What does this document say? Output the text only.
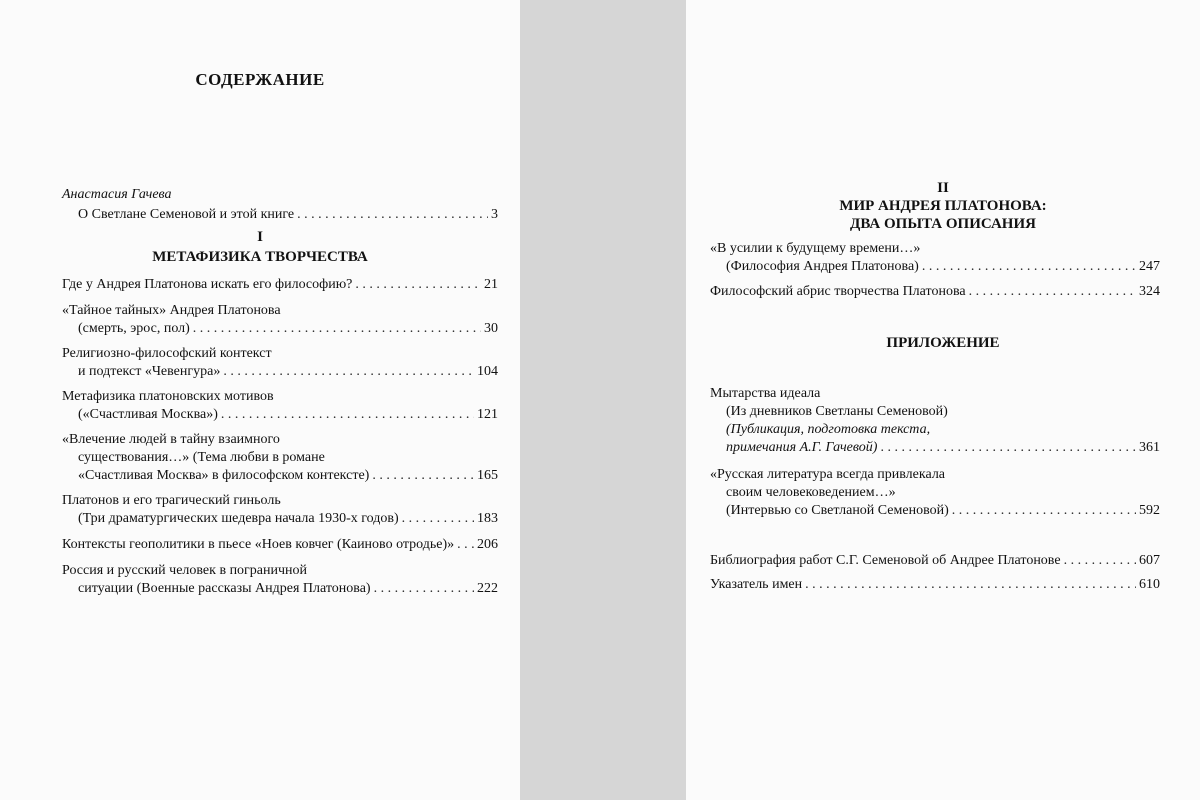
СОДЕРЖАНИЕ
Анастасия Гачева
О Светлане Семеновой и этой книге . . .	3
I
МЕТАФИЗИКА ТВОРЧЕСТВА
Где у Андрея Платонова искать его философию? . . .	21
«Тайное тайных» Андрея Платонова
(смерть, эрос, пол) . . .	30
Религиозно-философский контекст
и подтекст «Чевенгура» . . .	104
Метафизика платоновских мотивов
(«Счастливая Москва») . . .	121
«Влечение людей в тайну взаимного
существования…» (Тема любви в романе
«Счастливая Москва» в философском контексте) . . .	165
Платонов и его трагический гиньоль
(Три драматургических шедевра начала 1930-х годов) . . .	183
Контексты геополитики в пьесе «Ноев ковчег (Каиново отродье)» . . . 206
Россия и русский человек в пограничной
ситуации (Военные рассказы Андрея Платонова) . . .	222
II
МИР АНДРЕЯ ПЛАТОНОВА:
ДВА ОПЫТА ОПИСАНИЯ
«В усилии к будущему времени…»
(Философия Андрея Платонова) . . .	247
Философский абрис творчества Платонова . . .	324
ПРИЛОЖЕНИЕ
Мытарства идеала
(Из дневников Светланы Семеновой)
(Публикация, подготовка текста,
примечания А.Г. Гачевой) . . .	361
«Русская литература всегда привлекала
своим человековедением…»
(Интервью со Светланой Семеновой) . . .	592
Библиография работ С.Г. Семеновой об Андрее Платонове . . .	607
Указатель имен . . .	610
